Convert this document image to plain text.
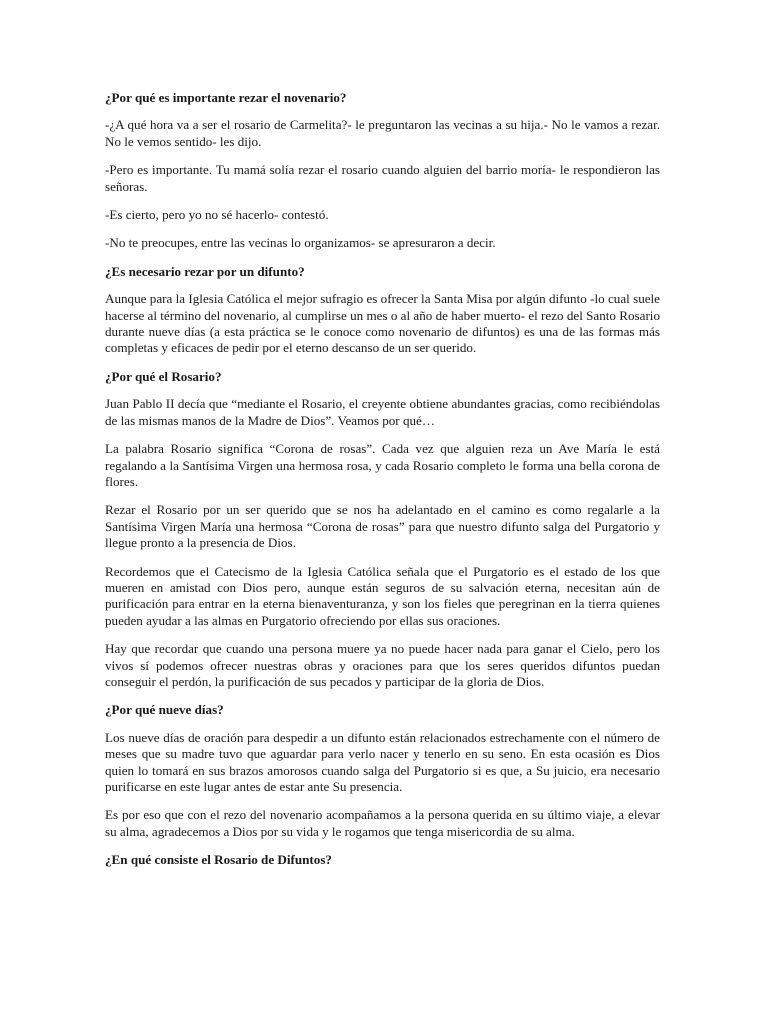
¿Por qué es importante rezar el novenario?

-¿A qué hora va a ser el rosario de Carmelita?- le preguntaron las vecinas a su hija.- No le vamos a rezar. No le vemos sentido- les dijo.

-Pero es importante. Tu mamá solía rezar el rosario cuando alguien del barrio moría- le respondieron las señoras.

-Es cierto, pero yo no sé hacerlo- contestó.

-No te preocupes, entre las vecinas lo organizamos- se apresuraron a decir.

¿Es necesario rezar por un difunto?

Aunque para la Iglesia Católica el mejor sufragio es ofrecer la Santa Misa por algún difunto -lo cual suele hacerse al término del novenario, al cumplirse un mes o al año de haber muerto- el rezo del Santo Rosario durante nueve días (a esta práctica se le conoce como novenario de difuntos) es una de las formas más completas y eficaces de pedir por el eterno descanso de un ser querido.

¿Por qué el Rosario?

Juan Pablo II decía que “mediante el Rosario, el creyente obtiene abundantes gracias, como recibiéndolas de las mismas manos de la Madre de Dios”. Veamos por qué…

La palabra Rosario significa “Corona de rosas”. Cada vez que alguien reza un Ave María le está regalando a la Santísima Virgen una hermosa rosa, y cada Rosario completo le forma una bella corona de flores.

Rezar el Rosario por un ser querido que se nos ha adelantado en el camino es como regalarle a la Santísima Virgen María una hermosa “Corona de rosas” para que nuestro difunto salga del Purgatorio y llegue pronto a la presencia de Dios.

Recordemos que el Catecismo de la Iglesia Católica señala que el Purgatorio es el estado de los que mueren en amistad con Dios pero, aunque están seguros de su salvación eterna, necesitan aún de purificación para entrar en la eterna bienaventuranza, y son los fieles que peregrinan en la tierra quienes pueden ayudar a las almas en Purgatorio ofreciendo por ellas sus oraciones.

Hay que recordar que cuando una persona muere ya no puede hacer nada para ganar el Cielo, pero los vivos sí podemos ofrecer nuestras obras y oraciones para que los seres queridos difuntos puedan conseguir el perdón, la purificación de sus pecados y participar de la gloria de Dios.

¿Por qué nueve días?

Los nueve días de oración para despedir a un difunto están relacionados estrechamente con el número de meses que su madre tuvo que aguardar para verlo nacer y tenerlo en su seno. En esta ocasión es Dios quien lo tomará en sus brazos amorosos cuando salga del Purgatorio si es que, a Su juicio, era necesario purificarse en este lugar antes de estar ante Su presencia.

Es por eso que con el rezo del novenario acompañamos a la persona querida en su último viaje, a elevar su alma, agradecemos a Dios por su vida y le rogamos que tenga misericordia de su alma.

¿En qué consiste el Rosario de Difuntos?
